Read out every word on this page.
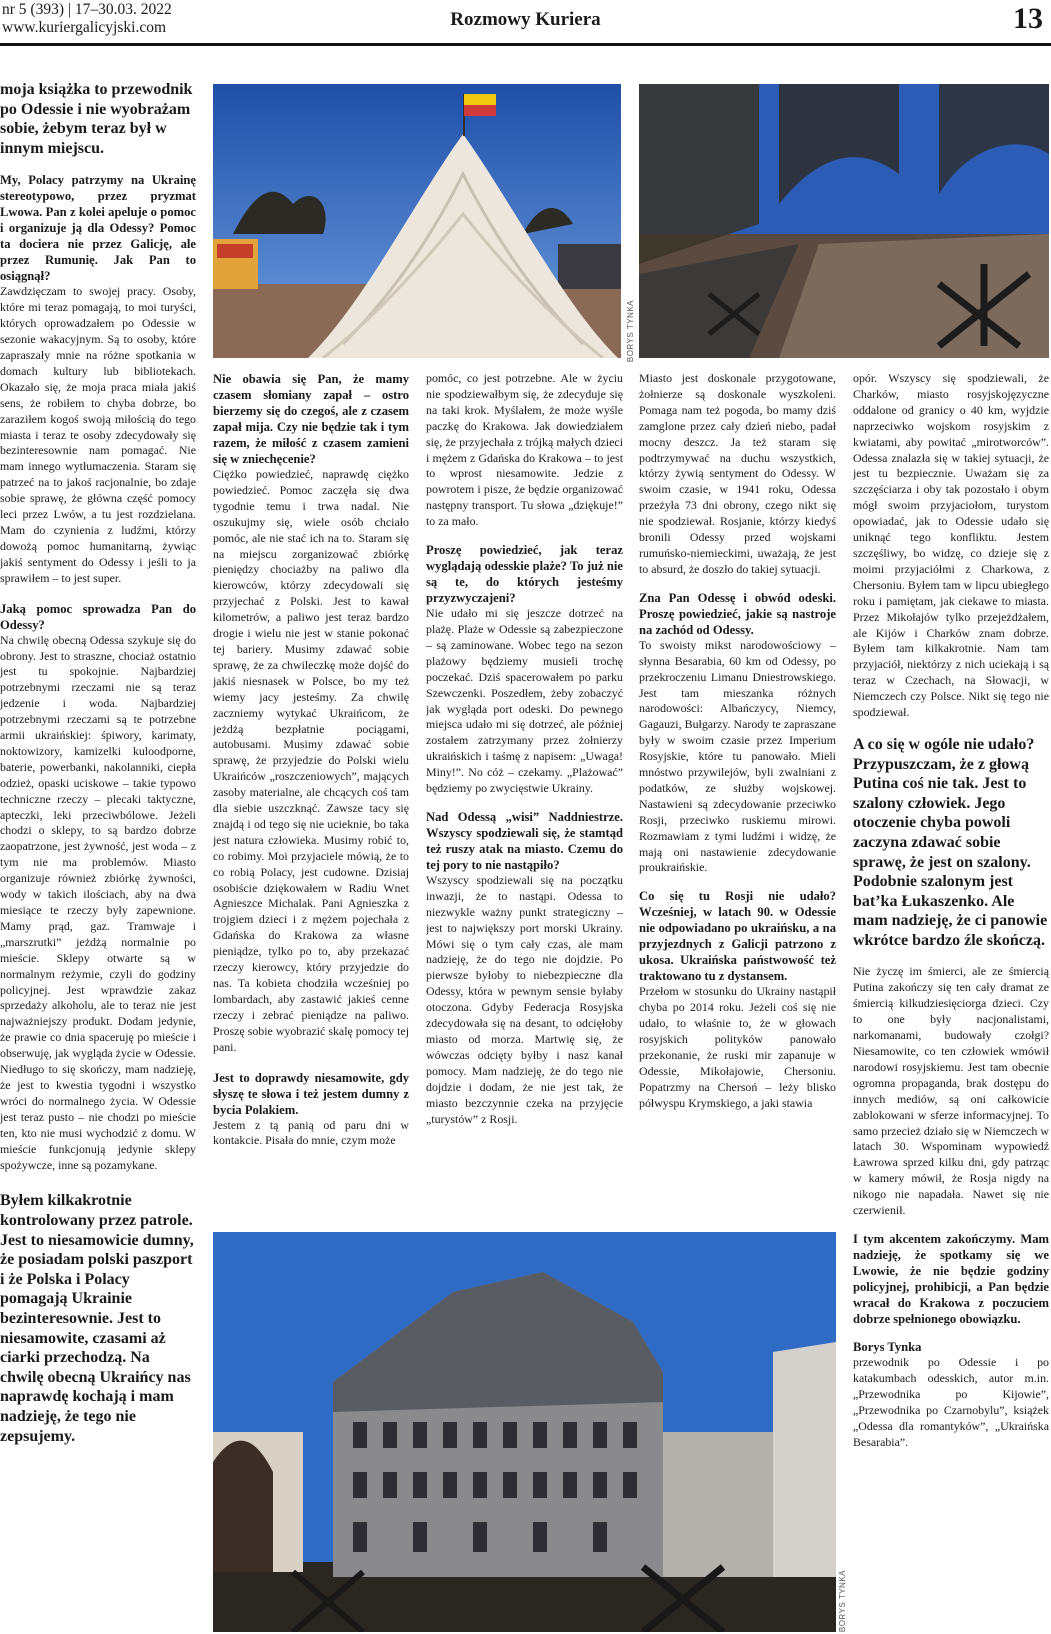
nr 5 (393) | 17–30.03. 2022
www.kuriergalicyjski.com	Rozmowy Kuriera	13

moja książka to przewodnik po Odessie i nie wyobrażam sobie, żebym teraz był w innym miejscu.

My, Polacy patrzymy na Ukrainę stereotypowo, przez pryzmat Lwowa. Pan z kolei apeluje o pomoc i organizuje ją dla Odessy? Pomoc ta dociera nie przez Galicję, ale przez Rumunię. Jak Pan to osiągnął?

Zawdzięczam to swojej pracy. Osoby, które mi teraz pomagają, to moi turyści, których oprowadzałem po Odessie w sezonie wakacyjnym. Są to osoby, które zapraszały mnie na różne spotkania w domach kultury lub bibliotekach. Okazało się, że moja praca miała jakiś sens, że robiłem to chyba dobrze, bo zaraziłem kogoś swoją miłością do tego miasta i teraz te osoby zdecydowały się bezinteresownie nam pomagać. Nie mam innego wytłumaczenia. Staram się patrzeć na to jakoś racjonalnie, bo zdaje sobie sprawę, że główna część pomocy leci przez Lwów, a tu jest rozdzielana. Mam do czynienia z ludźmi, którzy dowożą pomoc humanitarną, żywiąc jakiś sentyment do Odessy i jeśli to ja sprawiłem – to jest super.

Jaką pomoc sprowadza Pan do Odessy?

Na chwilę obecną Odessa szykuje się do obrony. Jest to straszne, chociaż ostatnio jest tu spokojnie. Najbardziej potrzebnymi rzeczami nie są teraz jedzenie i woda. Najbardziej potrzebnymi rzeczami są te potrzebne armii ukraińskiej: śpiwory, karimaty, noktowizory, kamizelki kuloodporne, baterie, powerbanki, nakolanniki, ciepła odzież, opaski uciskowe – takie typowo techniczne rzeczy – plecaki taktyczne, apteczki, leki przeciwbólowe. Jeżeli chodzi o sklepy, to są bardzo dobrze zaopatrzone, jest żywność, jest woda – z tym nie ma problemów. Miasto organizuje również zbiórkę żywności, wody w takich ilościach, aby na dwa miesiące te rzeczy były zapewnione. Mamy prąd, gaz. Tramwaje i „marszrutki” jeżdżą normalnie po mieście. Sklepy otwarte są w normalnym reżymie, czyli do godziny policyjnej. Jest wprawdzie zakaz sprzedaży alkoholu, ale to teraz nie jest najważniejszy produkt. Dodam jedynie, że prawie co dnia spaceruję po mieście i obserwuję, jak wygląda życie w Odessie. Niedługo to się skończy, mam nadzieję, że jest to kwestia tygodni i wszystko wróci do normalnego życia. W Odessie jest teraz pusto – nie chodzi po mieście ten, kto nie musi wychodzić z domu. W mieście funkcjonują jedynie sklepy spożywcze, inne są pozamykane.

Byłem kilkakrotnie kontrolowany przez patrole. Jest to niesamowicie dumny, że posiadam polski paszport i że Polska i Polacy pomagają Ukrainie bezinteresownie. Jest to niesamowite, czasami aż ciarki przechodzą. Na chwilę obecną Ukraińcy nas naprawdę kochają i mam nadzieję, że tego nie zepsujemy.

BORYS TYNKA

Nie obawia się Pan, że mamy czasem słomiany zapał – ostro bierzemy się do czegoś, ale z czasem zapał mija. Czy nie będzie tak i tym razem, że miłość z czasem zamieni się w zniechęcenie?

Ciężko powiedzieć, naprawdę ciężko powiedzieć. Pomoc zaczęła się dwa tygodnie temu i trwa nadal. Nie oszukujmy się, wiele osób chciało pomóc, ale nie stać ich na to. Staram się na miejscu zorganizować zbiórkę pieniędzy chociażby na paliwo dla kierowców, którzy zdecydowali się przyjechać z Polski. Jest to kawał kilometrów, a paliwo jest teraz bardzo drogie i wielu nie jest w stanie pokonać tej bariery. Musimy zdawać sobie sprawę, że za chwileczkę może dojść do jakiś niesnasek w Polsce, bo my też wiemy jacy jesteśmy. Za chwilę zaczniemy wytykać Ukraińcom, że jeżdżą bezpłatnie pociągami, autobusami. Musimy zdawać sobie sprawę, że przyjedzie do Polski wielu Ukraińców „roszczeniowych”, mających zasoby materialne, ale chcących coś tam dla siebie uszczknąć. Zawsze tacy się znajdą i od tego się nie ucieknie, bo taka jest natura człowieka. Musimy robić to, co robimy. Moi przyjaciele mówią, że to co robią Polacy, jest cudowne. Dzisiaj osobiście dziękowałem w Radiu Wnet Agnieszce Michalak. Pani Agnieszka z trojgiem dzieci i z mężem pojechała z Gdańska do Krakowa za własne pieniądze, tylko po to, aby przekazać rzeczy kierowcy, który przyjedzie do nas. Ta kobieta chodziła wcześniej po lombardach, aby zastawić jakieś cenne rzeczy i zebrać pieniądze na paliwo. Proszę sobie wyobrazić skalę pomocy tej pani.

Jest to doprawdy niesamowite, gdy słyszę te słowa i też jestem dumny z bycia Polakiem.

Jestem z tą panią od paru dni w kontakcie. Pisała do mnie, czym może

pomóc, co jest potrzebne. Ale w życiu nie spodziewałbym się, że zdecyduje się na taki krok. Myślałem, że może wyśle paczkę do Krakowa. Jak dowiedziałem się, że przyjechała z trójką małych dzieci i mężem z Gdańska do Krakowa – to jest to wprost niesamowite. Jedzie z powrotem i pisze, że będzie organizować następny transport. Tu słowa „dziękuje!” to za mało.

Proszę powiedzieć, jak teraz wyglądają odesskie plaże? To już nie są te, do których jesteśmy przyzwyczajeni?

Nie udało mi się jeszcze dotrzeć na plażę. Plaże w Odessie są zabezpieczone – są zaminowane. Wobec tego na sezon plażowy będziemy musieli trochę poczekać. Dziś spacerowałem po parku Szewczenki. Poszedłem, żeby zobaczyć jak wygląda port odeski. Do pewnego miejsca udało mi się dotrzeć, ale później zostałem zatrzymany przez żołnierzy ukraińskich i taśmę z napisem: „Uwaga! Miny!”. No cóż – czekamy. „Plażować” będziemy po zwycięstwie Ukrainy.

Nad Odessą „wisi” Naddniestrze. Wszyscy spodziewali się, że stamtąd też ruszy atak na miasto. Czemu do tej pory to nie nastąpiło?

Wszyscy spodziewali się na początku inwazji, że to nastąpi. Odessa to niezwykle ważny punkt strategiczny – jest to największy port morski Ukrainy. Mówi się o tym cały czas, ale mam nadzieję, że do tego nie dojdzie. Po pierwsze byłoby to niebezpieczne dla Odessy, która w pewnym sensie byłaby otoczona. Gdyby Federacja Rosyjska zdecydowała się na desant, to odcięłoby miasto od morza. Martwię się, że wówczas odcięty byłby i nasz kanał pomocy. Mam nadzieję, że do tego nie dojdzie i dodam, że nie jest tak, że miasto bezczynnie czeka na przyjęcie „turystów” z Rosji.

Miasto jest doskonale przygotowane, żołnierze są doskonale wyszkoleni. Pomaga nam też pogoda, bo mamy dziś zamglone przez cały dzień niebo, padał mocny deszcz. Ja też staram się podtrzymywać na duchu wszystkich, którzy żywią sentyment do Odessy. W swoim czasie, w 1941 roku, Odessa przeżyła 73 dni obrony, czego nikt się nie spodziewał. Rosjanie, którzy kiedyś bronili Odessy przed wojskami rumuńsko-niemieckimi, uważają, że jest to absurd, że doszło do takiej sytuacji.

Zna Pan Odessę i obwód odeski. Proszę powiedzieć, jakie są nastroje na zachód od Odessy.

To swoisty mikst narodowościowy – słynna Besarabia, 60 km od Odessy, po przekroczeniu Limanu Dniestrowskiego. Jest tam mieszanka różnych narodowości: Albańczycy, Niemcy, Gagauzi, Bułgarzy. Narody te zapraszane były w swoim czasie przez Imperium Rosyjskie, które tu panowało. Mieli mnóstwo przywilejów, byli zwalniani z podatków, ze służby wojskowej. Nastawieni są zdecydowanie przeciwko Rosji, przeciwko ruskiemu mirowi. Rozmawiam z tymi ludźmi i widzę, że mają oni nastawienie zdecydowanie proukraińskie.

Co się tu Rosji nie udało? Wcześniej, w latach 90. w Odessie nie odpowiadano po ukraińsku, a na przyjezdnych z Galicji patrzono z ukosa. Ukraińska państwowość też traktowano tu z dystansem.

Przełom w stosunku do Ukrainy nastąpił chyba po 2014 roku. Jeżeli coś się nie udało, to właśnie to, że w głowach rosyjskich polityków panowało przekonanie, że ruski mir zapanuje w Odessie, Mikołajowie, Chersoniu. Popatrzmy na Chersoń – leży blisko półwyspu Krymskiego, a jaki stawia

BORYS TYNKA

opór. Wszyscy się spodziewali, że Charków, miasto rosyjskojęzyczne oddalone od granicy o 40 km, wyjdzie naprzeciwko wojskom rosyjskim z kwiatami, aby powitać „mirotworców”. Odessa znalazła się w takiej sytuacji, że jest tu bezpiecznie. Uważam się za szczęściarza i oby tak pozostało i obym mógł swoim przyjaciołom, turystom opowiadać, jak to Odessie udało się uniknąć tego konfliktu. Jestem szczęśliwy, bo widzę, co dzieje się z moimi przyjaciółmi z Charkowa, z Chersoniu. Byłem tam w lipcu ubiegłego roku i pamiętam, jak ciekawe to miasta. Przez Mikołajów tylko przejeżdżałem, ale Kijów i Charków znam dobrze. Byłem tam kilkakrotnie. Nam tam przyjaciół, niektórzy z nich uciekają i są teraz w Czechach, na Słowacji, w Niemczech czy Polsce. Nikt się tego nie spodziewał.

A co się w ogóle nie udało? Przypuszczam, że z głową Putina coś nie tak. Jest to szalony człowiek. Jego otoczenie chyba powoli zaczyna zdawać sobie sprawę, że jest on szalony. Podobnie szalonym jest bat’ka Łukaszenko. Ale mam nadzieję, że ci panowie wkrótce bardzo źle skończą.

Nie życzę im śmierci, ale ze śmiercią Putina zakończy się ten cały dramat ze śmiercią kilkudziesięciorga dzieci. Czy to one były nacjonalistami, narkomanami, budowały czołgi? Niesamowite, co ten człowiek wmówił narodowi rosyjskiemu. Jest tam obecnie ogromna propaganda, brak dostępu do innych mediów, są oni całkowicie zablokowani w sferze informacyjnej. To samo przecież działo się w Niemczech w latach 30. Wspominam wypowiedź Ławrowa sprzed kilku dni, gdy patrząc w kamery mówił, że Rosja nigdy na nikogo nie napadała. Nawet się nie czerwienił.

I tym akcentem zakończymy. Mam nadzieję, że spotkamy się we Lwowie, że nie będzie godziny policyjnej, prohibicji, a Pan będzie wracał do Krakowa z poczuciem dobrze spełnionego obowiązku.

Borys Tynka

przewodnik po Odessie i po katakumbach odesskich, autor m.in. „Przewodnika po Kijowie”, „Przewodnika po Czarnobylu”, książek „Odessa dla romantyków”, „Ukraińska Besarabia”.
